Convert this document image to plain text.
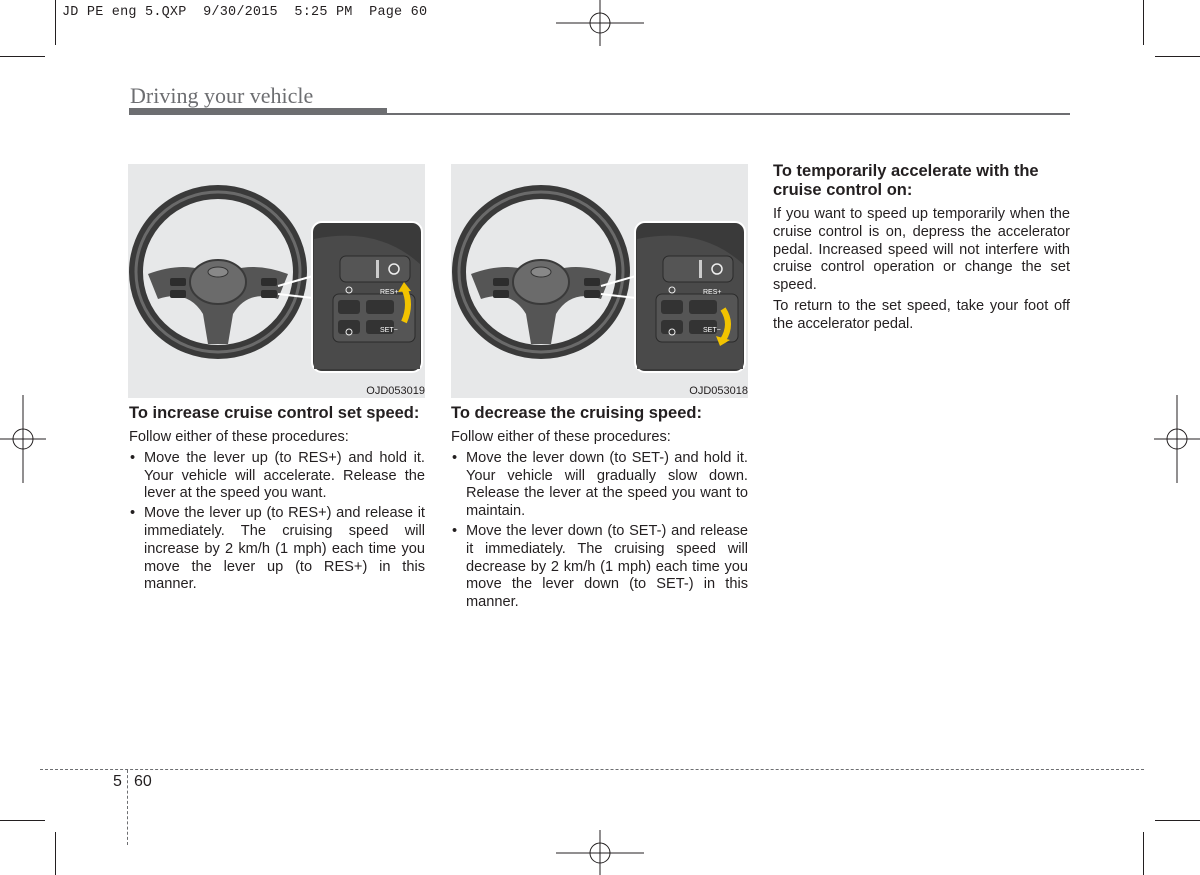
JD PE eng 5.QXP  9/30/2015  5:25 PM  Page 60
Driving your vehicle
RES+
SET−
OJD053019
RES+
SET−
OJD053018
To increase cruise control set speed:

Follow either of these procedures:

• Move the lever up (to RES+) and hold it. Your vehicle will accelerate. Release the lever at the speed you want.
• Move the lever up (to RES+) and release it immediately. The cruising speed will increase by 2 km/h (1 mph) each time you move the lever up (to RES+) in this manner.
To decrease the cruising speed:

Follow either of these procedures:

• Move the lever down (to SET-) and hold it. Your vehicle will gradually slow down. Release the lever at the speed you want to maintain.
• Move the lever down (to SET-) and release it immediately. The cruising speed will decrease by 2 km/h (1 mph) each time you move the lever down (to SET-) in this manner.
To temporarily accelerate with the cruise control on:

If you want to speed up temporarily when the cruise control is on, depress the accelerator pedal. Increased speed will not interfere with cruise control operation or change the set speed.

To return to the set speed, take your foot off the accelerator pedal.

5 60
